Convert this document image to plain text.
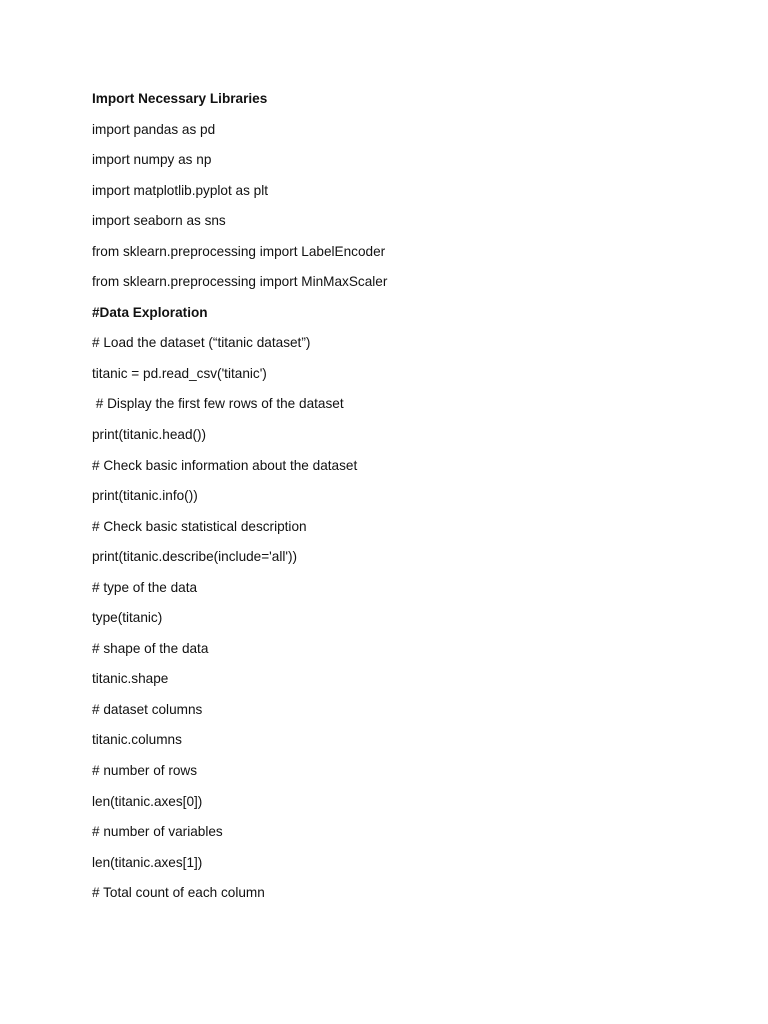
Import Necessary Libraries

import pandas as pd

import numpy as np

import matplotlib.pyplot as plt

import seaborn as sns

from sklearn.preprocessing import LabelEncoder

from sklearn.preprocessing import MinMaxScaler

#Data Exploration

# Load the dataset (“titanic dataset”)

titanic = pd.read_csv('titanic')

# Display the first few rows of the dataset

print(titanic.head())

# Check basic information about the dataset

print(titanic.info())

# Check basic statistical description

print(titanic.describe(include='all'))

# type of the data

type(titanic)

# shape of the data

titanic.shape

# dataset columns

titanic.columns

# number of rows

len(titanic.axes[0])

# number of variables

len(titanic.axes[1])

# Total count of each column
